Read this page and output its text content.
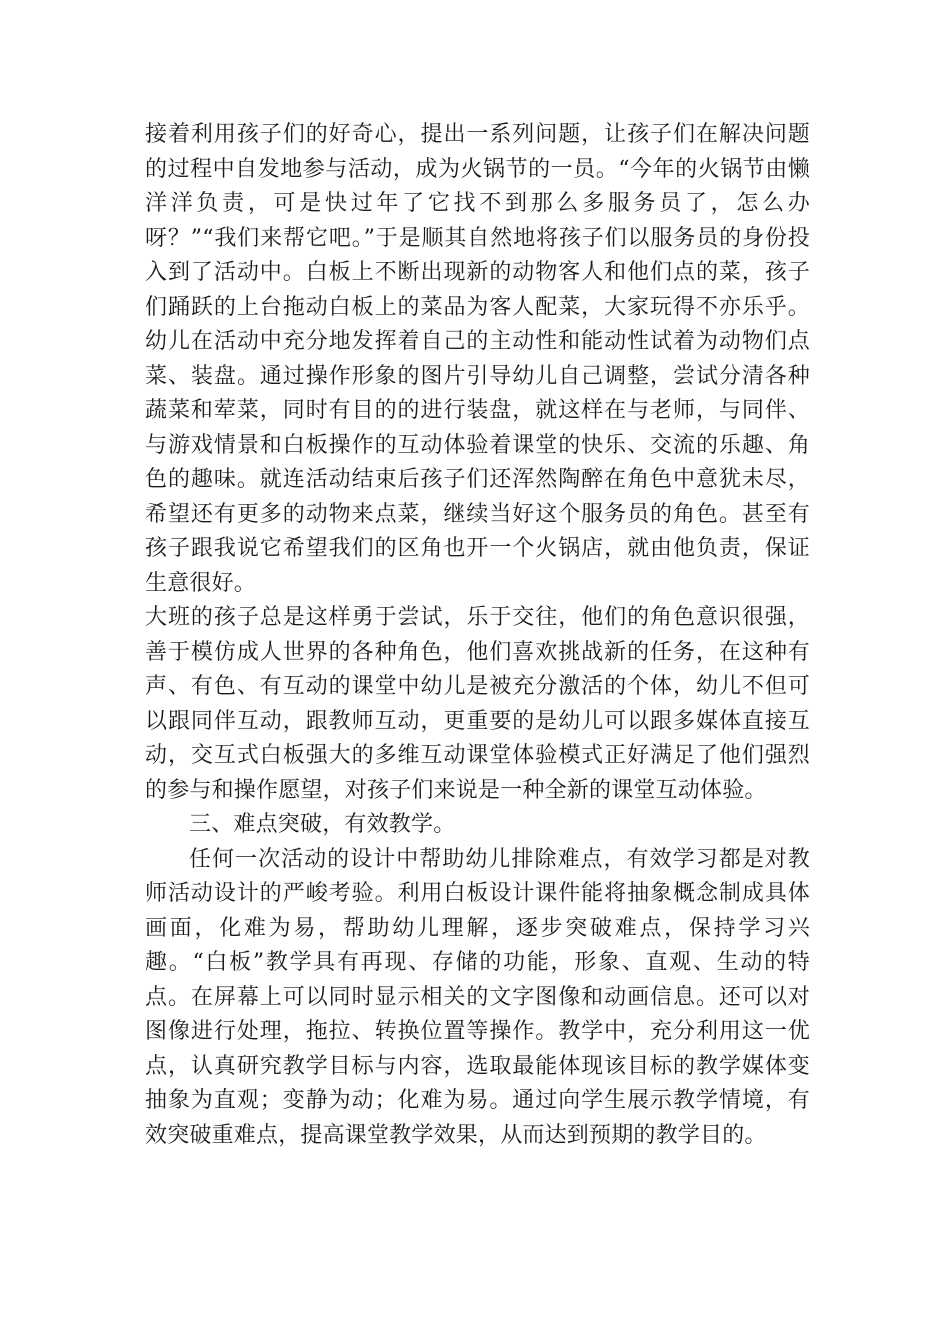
接着利用孩子们的好奇心，提出一系列问题，让孩子们在解决问题的过程中自发地参与活动，成为火锅节的一员。“今年的火锅节由懒洋洋负责，可是快过年了它找不到那么多服务员了，怎么办呀？”“我们来帮它吧。”于是顺其自然地将孩子们以服务员的身份投入到了活动中。白板上不断出现新的动物客人和他们点的菜，孩子们踊跃的上台拖动白板上的菜品为客人配菜，大家玩得不亦乐乎。幼儿在活动中充分地发挥着自己的主动性和能动性试着为动物们点菜、装盘。通过操作形象的图片引导幼儿自己调整，尝试分清各种蔬菜和荤菜，同时有目的的进行装盘，就这样在与老师，与同伴、与游戏情景和白板操作的互动体验着课堂的快乐、交流的乐趣、角色的趣味。就连活动结束后孩子们还浑然陶醉在角色中意犹未尽，希望还有更多的动物来点菜，继续当好这个服务员的角色。甚至有孩子跟我说它希望我们的区角也开一个火锅店，就由他负责，保证生意很好。

大班的孩子总是这样勇于尝试，乐于交往，他们的角色意识很强，善于模仿成人世界的各种角色，他们喜欢挑战新的任务，在这种有声、有色、有互动的课堂中幼儿是被充分激活的个体，幼儿不但可以跟同伴互动，跟教师互动，更重要的是幼儿可以跟多媒体直接互动，交互式白板强大的多维互动课堂体验模式正好满足了他们强烈的参与和操作愿望，对孩子们来说是一种全新的课堂互动体验。

三、难点突破，有效教学。

任何一次活动的设计中帮助幼儿排除难点，有效学习都是对教师活动设计的严峻考验。利用白板设计课件能将抽象概念制成具体画面，化难为易，帮助幼儿理解，逐步突破难点，保持学习兴趣。“白板”教学具有再现、存储的功能，形象、直观、生动的特点。在屏幕上可以同时显示相关的文字图像和动画信息。还可以对图像进行处理，拖拉、转换位置等操作。教学中，充分利用这一优点，认真研究教学目标与内容，选取最能体现该目标的教学媒体变抽象为直观；变静为动；化难为易。通过向学生展示教学情境，有效突破重难点，提高课堂教学效果，从而达到预期的教学目的。
